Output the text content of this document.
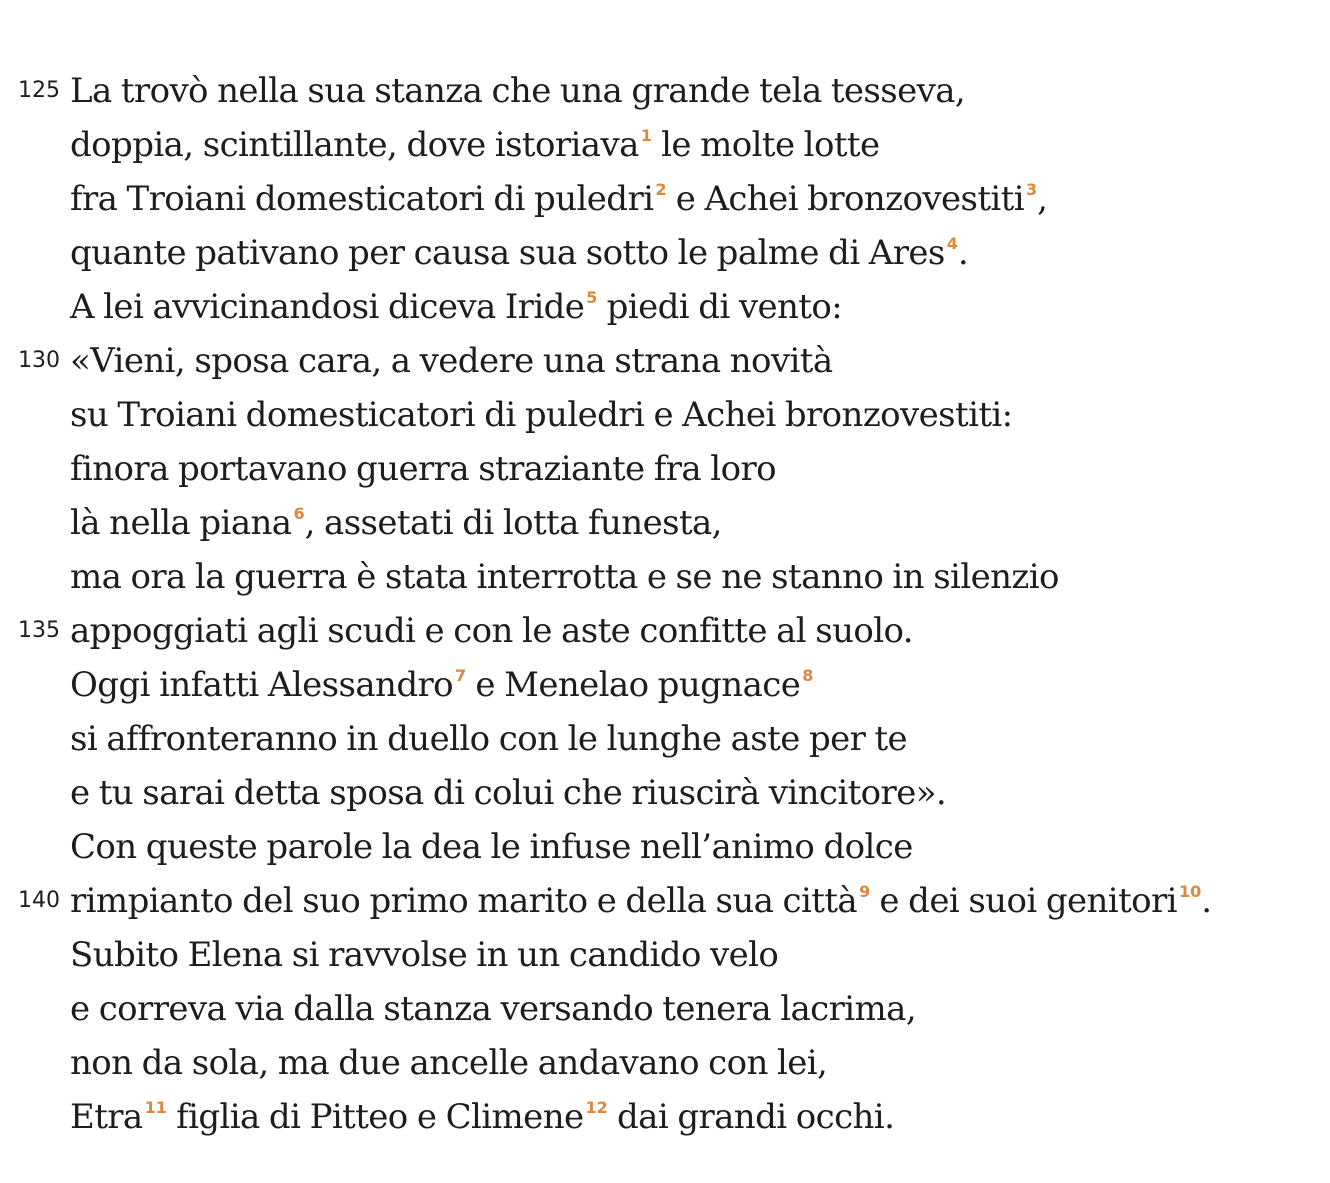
125 La trovò nella sua stanza che una grande tela tesseva,
doppia, scintillante, dove istoriava $^1$ le molte lotte
fra Troiani domesticatori di puledri $^2$ e Achei bronzovestiti $^3$,
quante pativano per causa sua sotto le palme di Ares $^4$.
A lei avvicinandosi diceva Iride $^5$ piedi di vento:
130 «Vieni, sposa cara, a vedere una strana novità
su Troiani domesticatori di puledri e Achei bronzovestiti:
finora portavano guerra straziante fra loro
là nella piana $^6$, assetati di lotta funesta,
ma ora la guerra è stata interrotta e se ne stanno in silenzio
135 appoggiati agli scudi e con le aste confitte al suolo.
Oggi infatti Alessandro $^7$ e Menelao pugnace $^8$
si affronteranno in duello con le lunghe aste per te
e tu sarai detta sposa di colui che riuscirà vincitore».
Con queste parole la dea le infuse nell’animo dolce
140 rimpianto del suo primo marito e della sua città $^9$ e dei suoi genitori $^{10}$.
Subito Elena si ravvolse in un candido velo
e correva via dalla stanza versando tenera lacrima,
non da sola, ma due ancelle andavano con lei,
Etra $^{11}$ figlia di Pitteo e Climene $^{12}$ dai grandi occhi.
